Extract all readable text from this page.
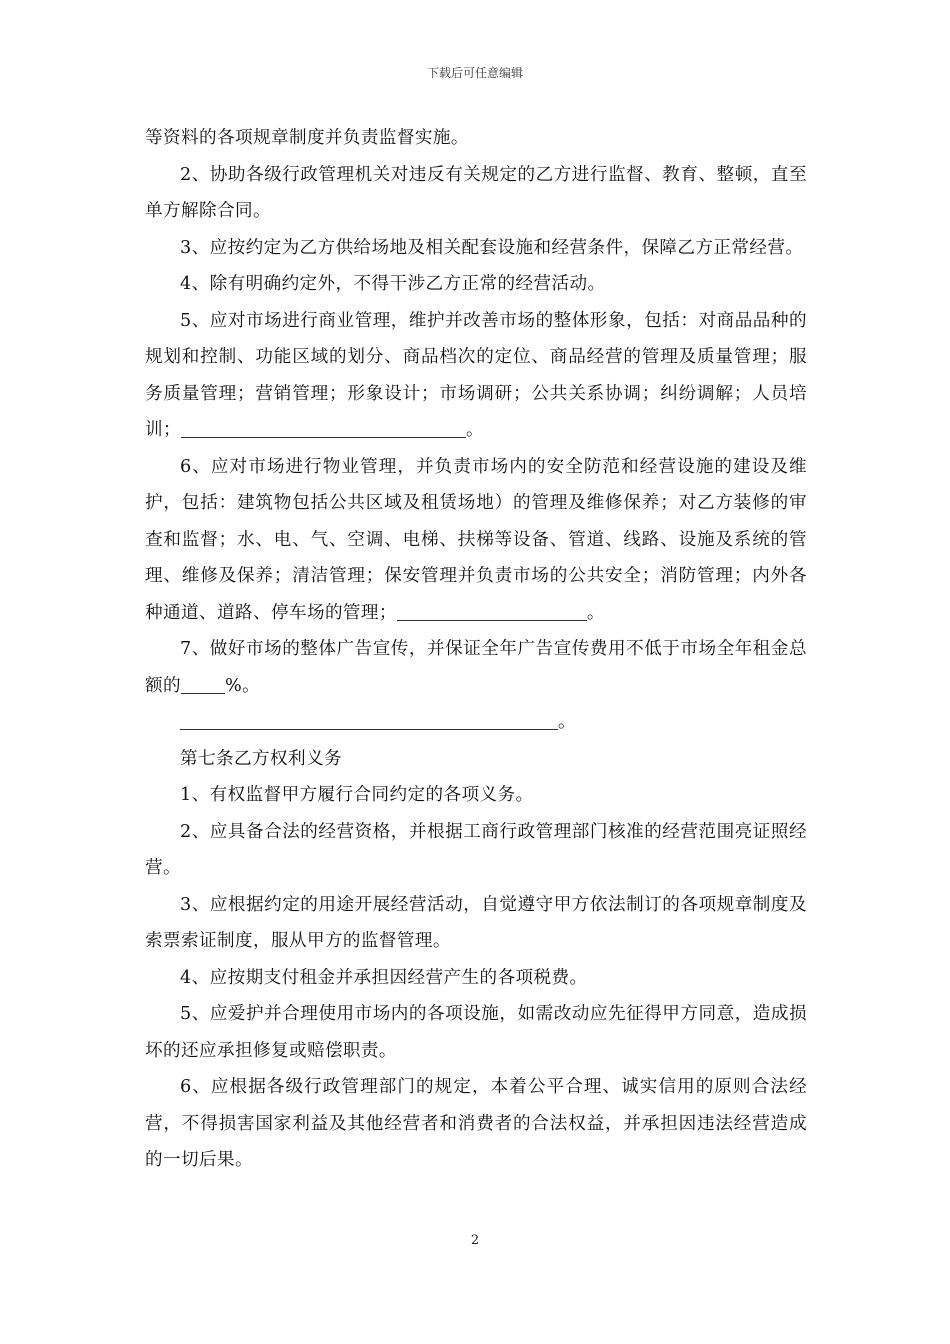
下载后可任意编辑

等资料的各项规章制度并负责监督实施。

2、协助各级行政管理机关对违反有关规定的乙方进行监督、教育、整顿，直至单方解除合同。

3、应按约定为乙方供给场地及相关配套设施和经营条件，保障乙方正常经营。

4、除有明确约定外，不得干涉乙方正常的经营活动。

5、应对市场进行商业管理，维护并改善市场的整体形象，包括：对商品品种的规划和控制、功能区域的划分、商品档次的定位、商品经营的管理及质量管理；服务质量管理；营销管理；形象设计；市场调研；公共关系协调；纠纷调解；人员培训；	。

6、应对市场进行物业管理，并负责市场内的安全防范和经营设施的建设及维护，包括：建筑物包括公共区域及租赁场地）的管理及维修保养；对乙方装修的审查和监督；水、电、气、空调、电梯、扶梯等设备、管道、线路、设施及系统的管理、维修及保养；清洁管理；保安管理并负责市场的公共安全；消防管理；内外各种通道、道路、停车场的管理；	。

7、做好市场的整体广告宣传，并保证全年广告宣传费用不低于市场全年租金总额的	%。

。

第七条乙方权利义务

1、有权监督甲方履行合同约定的各项义务。

2、应具备合法的经营资格，并根据工商行政管理部门核准的经营范围亮证照经营。

3、应根据约定的用途开展经营活动，自觉遵守甲方依法制订的各项规章制度及索票索证制度，服从甲方的监督管理。

4、应按期支付租金并承担因经营产生的各项税费。

5、应爱护并合理使用市场内的各项设施，如需改动应先征得甲方同意，造成损坏的还应承担修复或赔偿职责。

6、应根据各级行政管理部门的规定，本着公平合理、诚实信用的原则合法经营，不得损害国家利益及其他经营者和消费者的合法权益，并承担因违法经营造成的一切后果。

2
